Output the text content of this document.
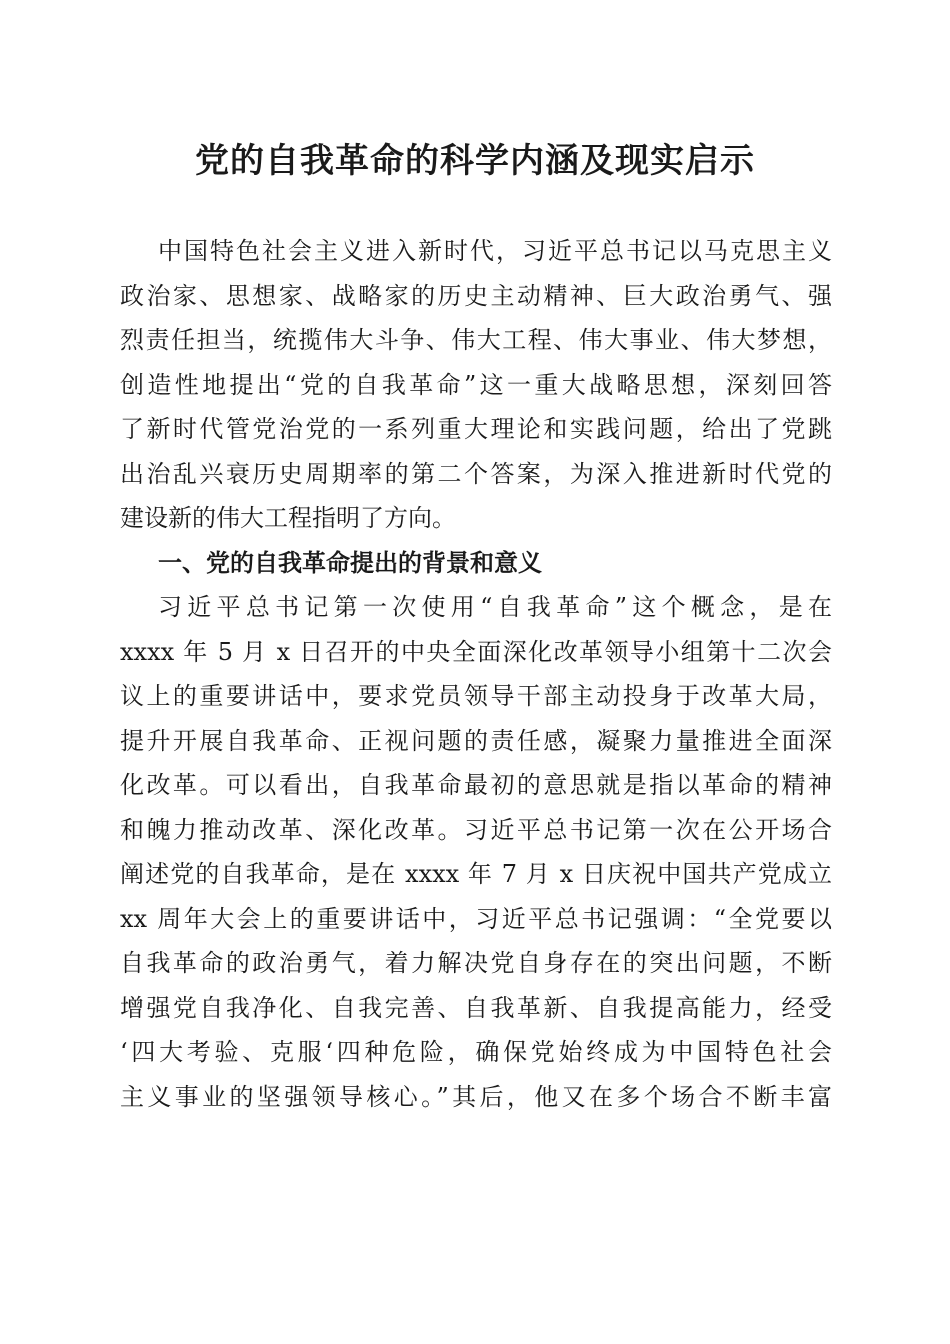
党的自我革命的科学内涵及现实启示
中国特色社会主义进入新时代，习近平总书记以马克思主义
政治家、思想家、战略家的历史主动精神、巨大政治勇气、强
烈责任担当，统揽伟大斗争、伟大工程、伟大事业、伟大梦想，
创造性地提出“党的自我革命”这一重大战略思想，深刻回答
了新时代管党治党的一系列重大理论和实践问题，给出了党跳
出治乱兴衰历史周期率的第二个答案，为深入推进新时代党的
建设新的伟大工程指明了方向。
一、党的自我革命提出的背景和意义
习近平总书记第一次使用“自我革命”这个概念，是在
xxxx 年 5 月 x 日召开的中央全面深化改革领导小组第十二次会
议上的重要讲话中，要求党员领导干部主动投身于改革大局，
提升开展自我革命、正视问题的责任感，凝聚力量推进全面深
化改革。可以看出，自我革命最初的意思就是指以革命的精神
和魄力推动改革、深化改革。习近平总书记第一次在公开场合
阐述党的自我革命，是在 xxxx 年 7 月 x 日庆祝中国共产党成立
xx 周年大会上的重要讲话中，习近平总书记强调：“全党要以
自我革命的政治勇气，着力解决党自身存在的突出问题，不断
增强党自我净化、自我完善、自我革新、自我提高能力，经受
‘四大考验、克服‘四种危险，确保党始终成为中国特色社会
主义事业的坚强领导核心。”其后，他又在多个场合不断丰富
